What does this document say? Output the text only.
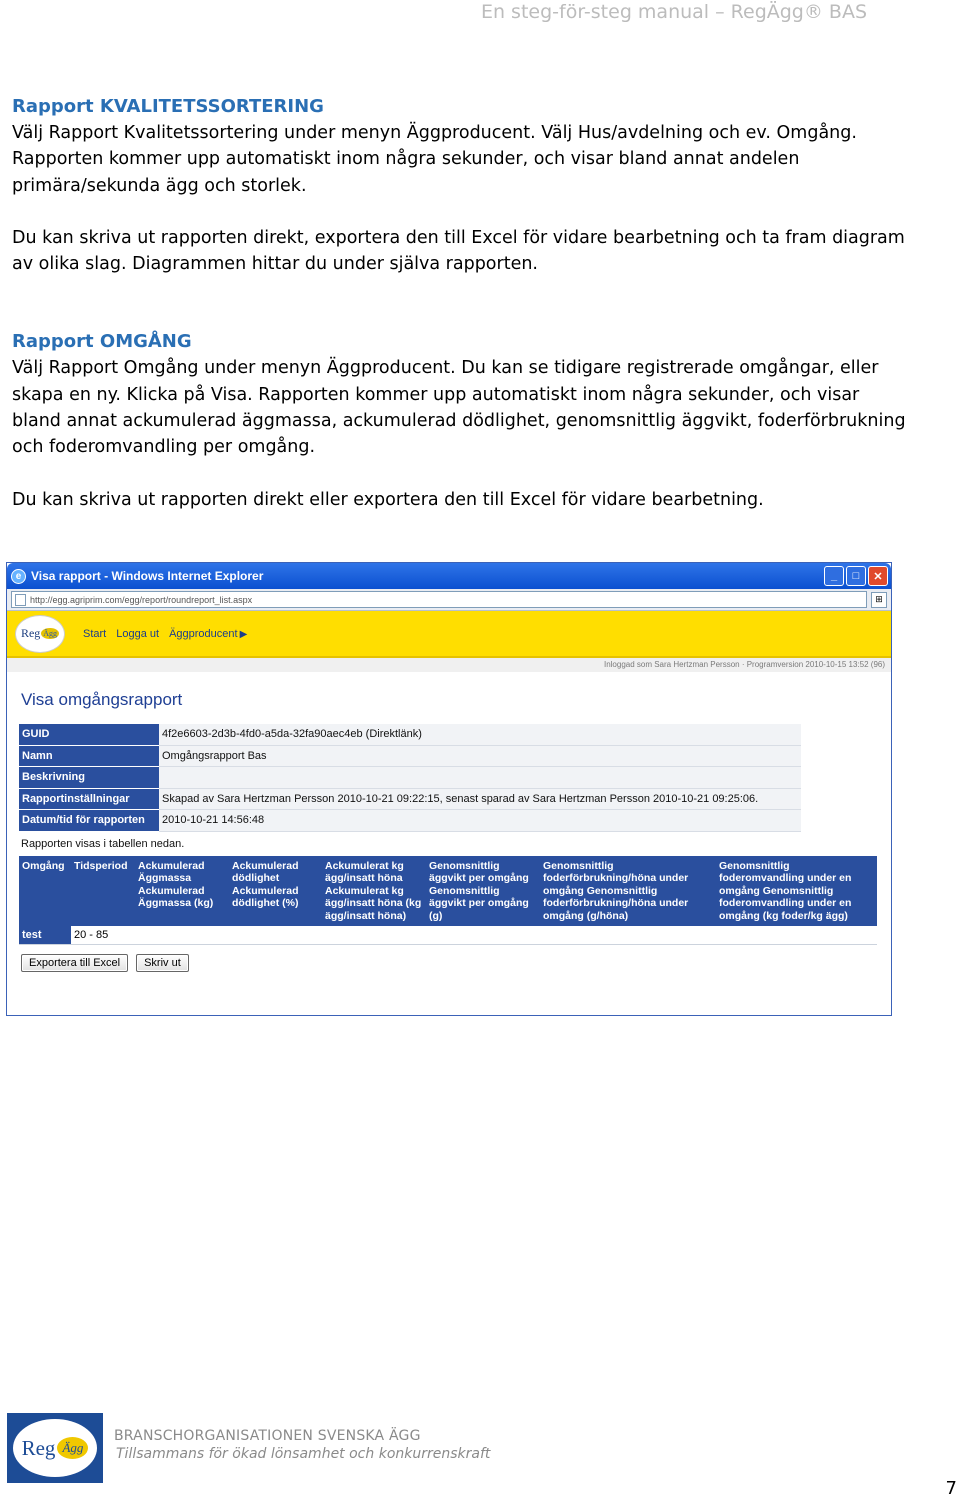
En steg-för-steg manual – RegÄgg® BAS
Rapport KVALITETSSORTERING
Välj Rapport Kvalitetssortering under menyn Äggproducent. Välj Hus/avdelning och ev. Omgång. Rapporten kommer upp automatiskt inom några sekunder, och visar bland annat andelen primära/sekunda ägg och storlek.
Du kan skriva ut rapporten direkt, exportera den till Excel för vidare bearbetning och ta fram diagram av olika slag. Diagrammen hittar du under själva rapporten.
Rapport OMGÅNG
Välj Rapport Omgång under menyn Äggproducent. Du kan se tidigare registrerade omgångar, eller skapa en ny. Klicka på Visa. Rapporten kommer upp automatiskt inom några sekunder, och visar bland annat ackumulerad äggmassa, ackumulerad dödlighet, genomsnittlig äggvikt, foderförbrukning och foderomvandling per omgång.
Du kan skriva ut rapporten direkt eller exportera den till Excel för vidare bearbetning.
e Visa rapport - Windows Internet Explorer	_	□	✕
http://egg.agriprim.com/egg/report/roundreport_list.aspx	⊞
Reg Ägg Start Logga ut Äggproducent ▶
Inloggad som Sara Hertzman Persson · Programversion 2010-10-15 13:52 (96)
Visa omgångsrapport
GUID	4f2e6603-2d3b-4fd0-a5da-32fa90aec4eb (Direktlänk)
Namn	Omgångsrapport Bas
Beskrivning	
Rapportinställningar	Skapad av Sara Hertzman Persson 2010-10-21 09:22:15, senast sparad av Sara Hertzman Persson 2010-10-21 09:25:06.
Datum/tid för rapporten	2010-10-21 14:56:48
Rapporten visas i tabellen nedan.
Omgång	Tidsperiod	Ackumulerad Äggmassa Ackumulerad Äggmassa (kg)	Ackumulerad dödlighet Ackumulerad dödlighet (%)	Ackumulerat kg ägg/insatt höna Ackumulerat kg ägg/insatt höna (kg ägg/insatt höna)	Genomsnittlig äggvikt per omgång Genomsnittlig äggvikt per omgång (g)	Genomsnittlig foderförbrukning/höna under omgång Genomsnittlig foderförbrukning/höna under omgång (g/höna)	Genomsnittlig foderomvandling under en omgång Genomsnittlig foderomvandling under en omgång (kg foder/kg ägg)
test	20 - 85						
Exportera till Excel	Skriv ut
Reg Ägg
BRANSCHORGANISATIONEN SVENSKA ÄGG
Tillsammans för ökad lönsamhet och konkurrenskraft
7
